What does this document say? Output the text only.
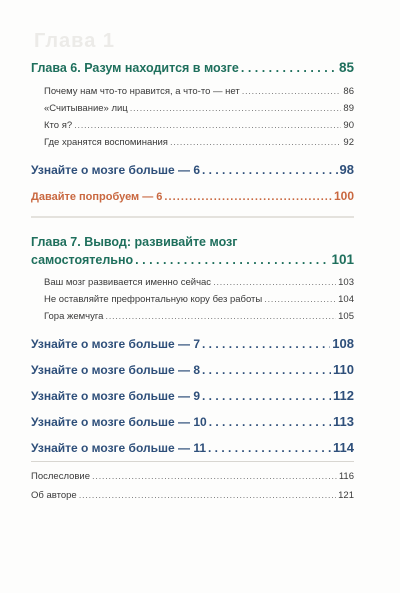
Глава 1
Глава 6. Разум находится в мозге . . .	85
Почему нам что-то нравится, а что-то — нет . . .	86
«Считывание» лиц . . .	89
Кто я? . . .	90
Где хранятся воспоминания . . .	92
Узнайте о мозге больше — 6 . . .	98
Давайте попробуем — 6 . . .	100
Глава 7. Вывод: развивайте мозг
самостоятельно . . .	101
Ваш мозг развивается именно сейчас . . .	103
Не оставляйте префронтальную кору без работы . . .	104
Гора жемчуга . . .	105
Узнайте о мозге больше — 7 . . .	108
Узнайте о мозге больше — 8 . . .	110
Узнайте о мозге больше — 9 . . .	112
Узнайте о мозге больше — 10 . . .	113
Узнайте о мозге больше — 11 . . .	114
Послесловие . . .	116
Об авторе . . .	121
